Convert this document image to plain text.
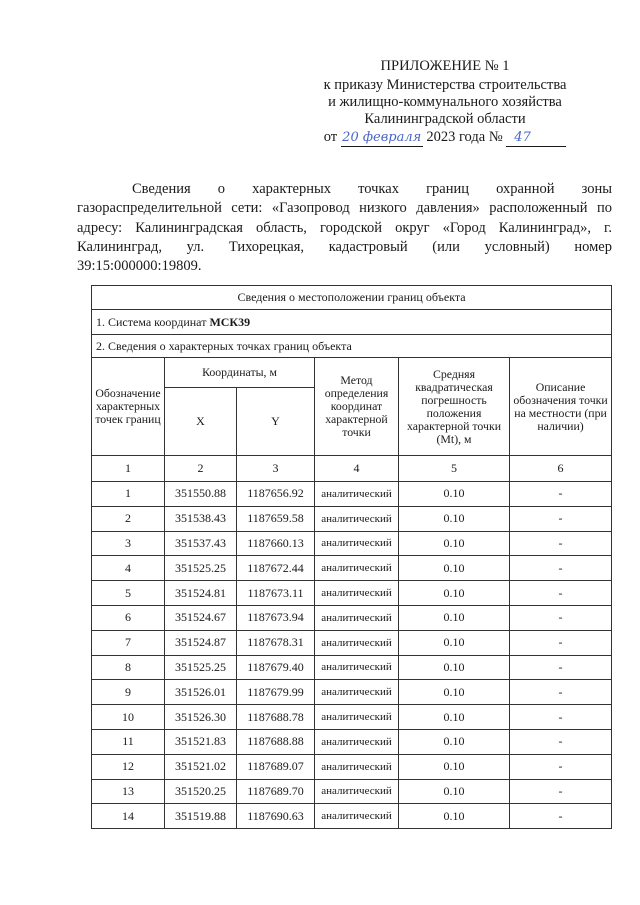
ПРИЛОЖЕНИЕ № 1
к приказу Министерства строительства
и жилищно-коммунального хозяйства
Калининградской области
от 20 февраля 2023 года № 47
Сведения о характерных точках границ охранной зоны газораспределительной сети: «Газопровод низкого давления» расположенный по адресу: Калининградская область, городской округ «Город Калининград», г. Калининград, ул. Тихорецкая, кадастровый (или условный) номер 39:15:000000:19809.
Сведения о местоположении границ объекта					
1. Система координат МСК39					
2. Сведения о характерных точках границ объекта					
Обозначение характерных точек границ	Координаты, м		Метод определения координат характерной точки	Средняя квадратическая погрешность положения характерной точки (Mt), м	Описание обозначения точки на местности (при наличии)
	X	Y			
1	2	3	4	5	6
1	351550.88	1187656.92	аналитический	0.10	-
2	351538.43	1187659.58	аналитический	0.10	-
3	351537.43	1187660.13	аналитический	0.10	-
4	351525.25	1187672.44	аналитический	0.10	-
5	351524.81	1187673.11	аналитический	0.10	-
6	351524.67	1187673.94	аналитический	0.10	-
7	351524.87	1187678.31	аналитический	0.10	-
8	351525.25	1187679.40	аналитический	0.10	-
9	351526.01	1187679.99	аналитический	0.10	-
10	351526.30	1187688.78	аналитический	0.10	-
11	351521.83	1187688.88	аналитический	0.10	-
12	351521.02	1187689.07	аналитический	0.10	-
13	351520.25	1187689.70	аналитический	0.10	-
14	351519.88	1187690.63	аналитический	0.10	-
